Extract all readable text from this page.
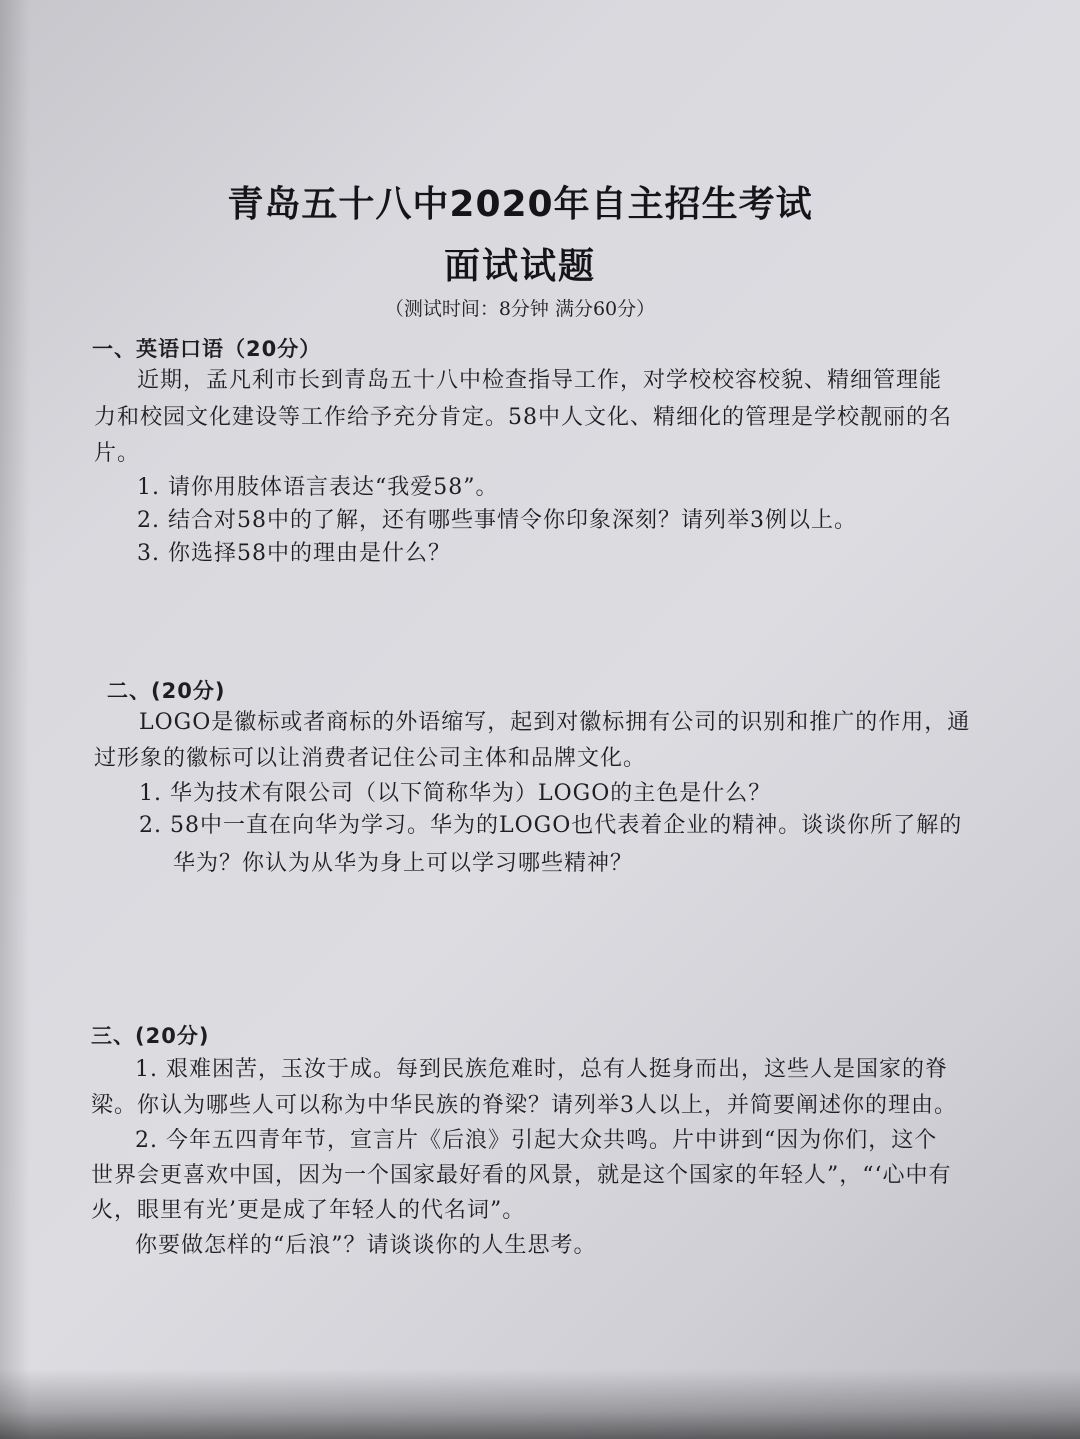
青岛五十八中2020年自主招生考试
面试试题
（测试时间：8分钟 满分60分）
一、英语口语（20分）
近期，孟凡利市长到青岛五十八中检查指导工作，对学校校容校貌、精细管理能
力和校园文化建设等工作给予充分肯定。58中人文化、精细化的管理是学校靓丽的名
片。
1. 请你用肢体语言表达“我爱58”。
2. 结合对58中的了解，还有哪些事情令你印象深刻？请列举3例以上。
3. 你选择58中的理由是什么？
二、(20分)
LOGO是徽标或者商标的外语缩写，起到对徽标拥有公司的识别和推广的作用，通
过形象的徽标可以让消费者记住公司主体和品牌文化。
1. 华为技术有限公司（以下简称华为）LOGO的主色是什么？
2. 58中一直在向华为学习。华为的LOGO也代表着企业的精神。谈谈你所了解的
华为？你认为从华为身上可以学习哪些精神？
三、(20分)
1. 艰难困苦，玉汝于成。每到民族危难时，总有人挺身而出，这些人是国家的脊
梁。你认为哪些人可以称为中华民族的脊梁？请列举3人以上，并简要阐述你的理由。
2. 今年五四青年节，宣言片《后浪》引起大众共鸣。片中讲到“因为你们，这个
世界会更喜欢中国，因为一个国家最好看的风景，就是这个国家的年轻人”，“‘心中有
火，眼里有光’更是成了年轻人的代名词”。
你要做怎样的“后浪”？请谈谈你的人生思考。
